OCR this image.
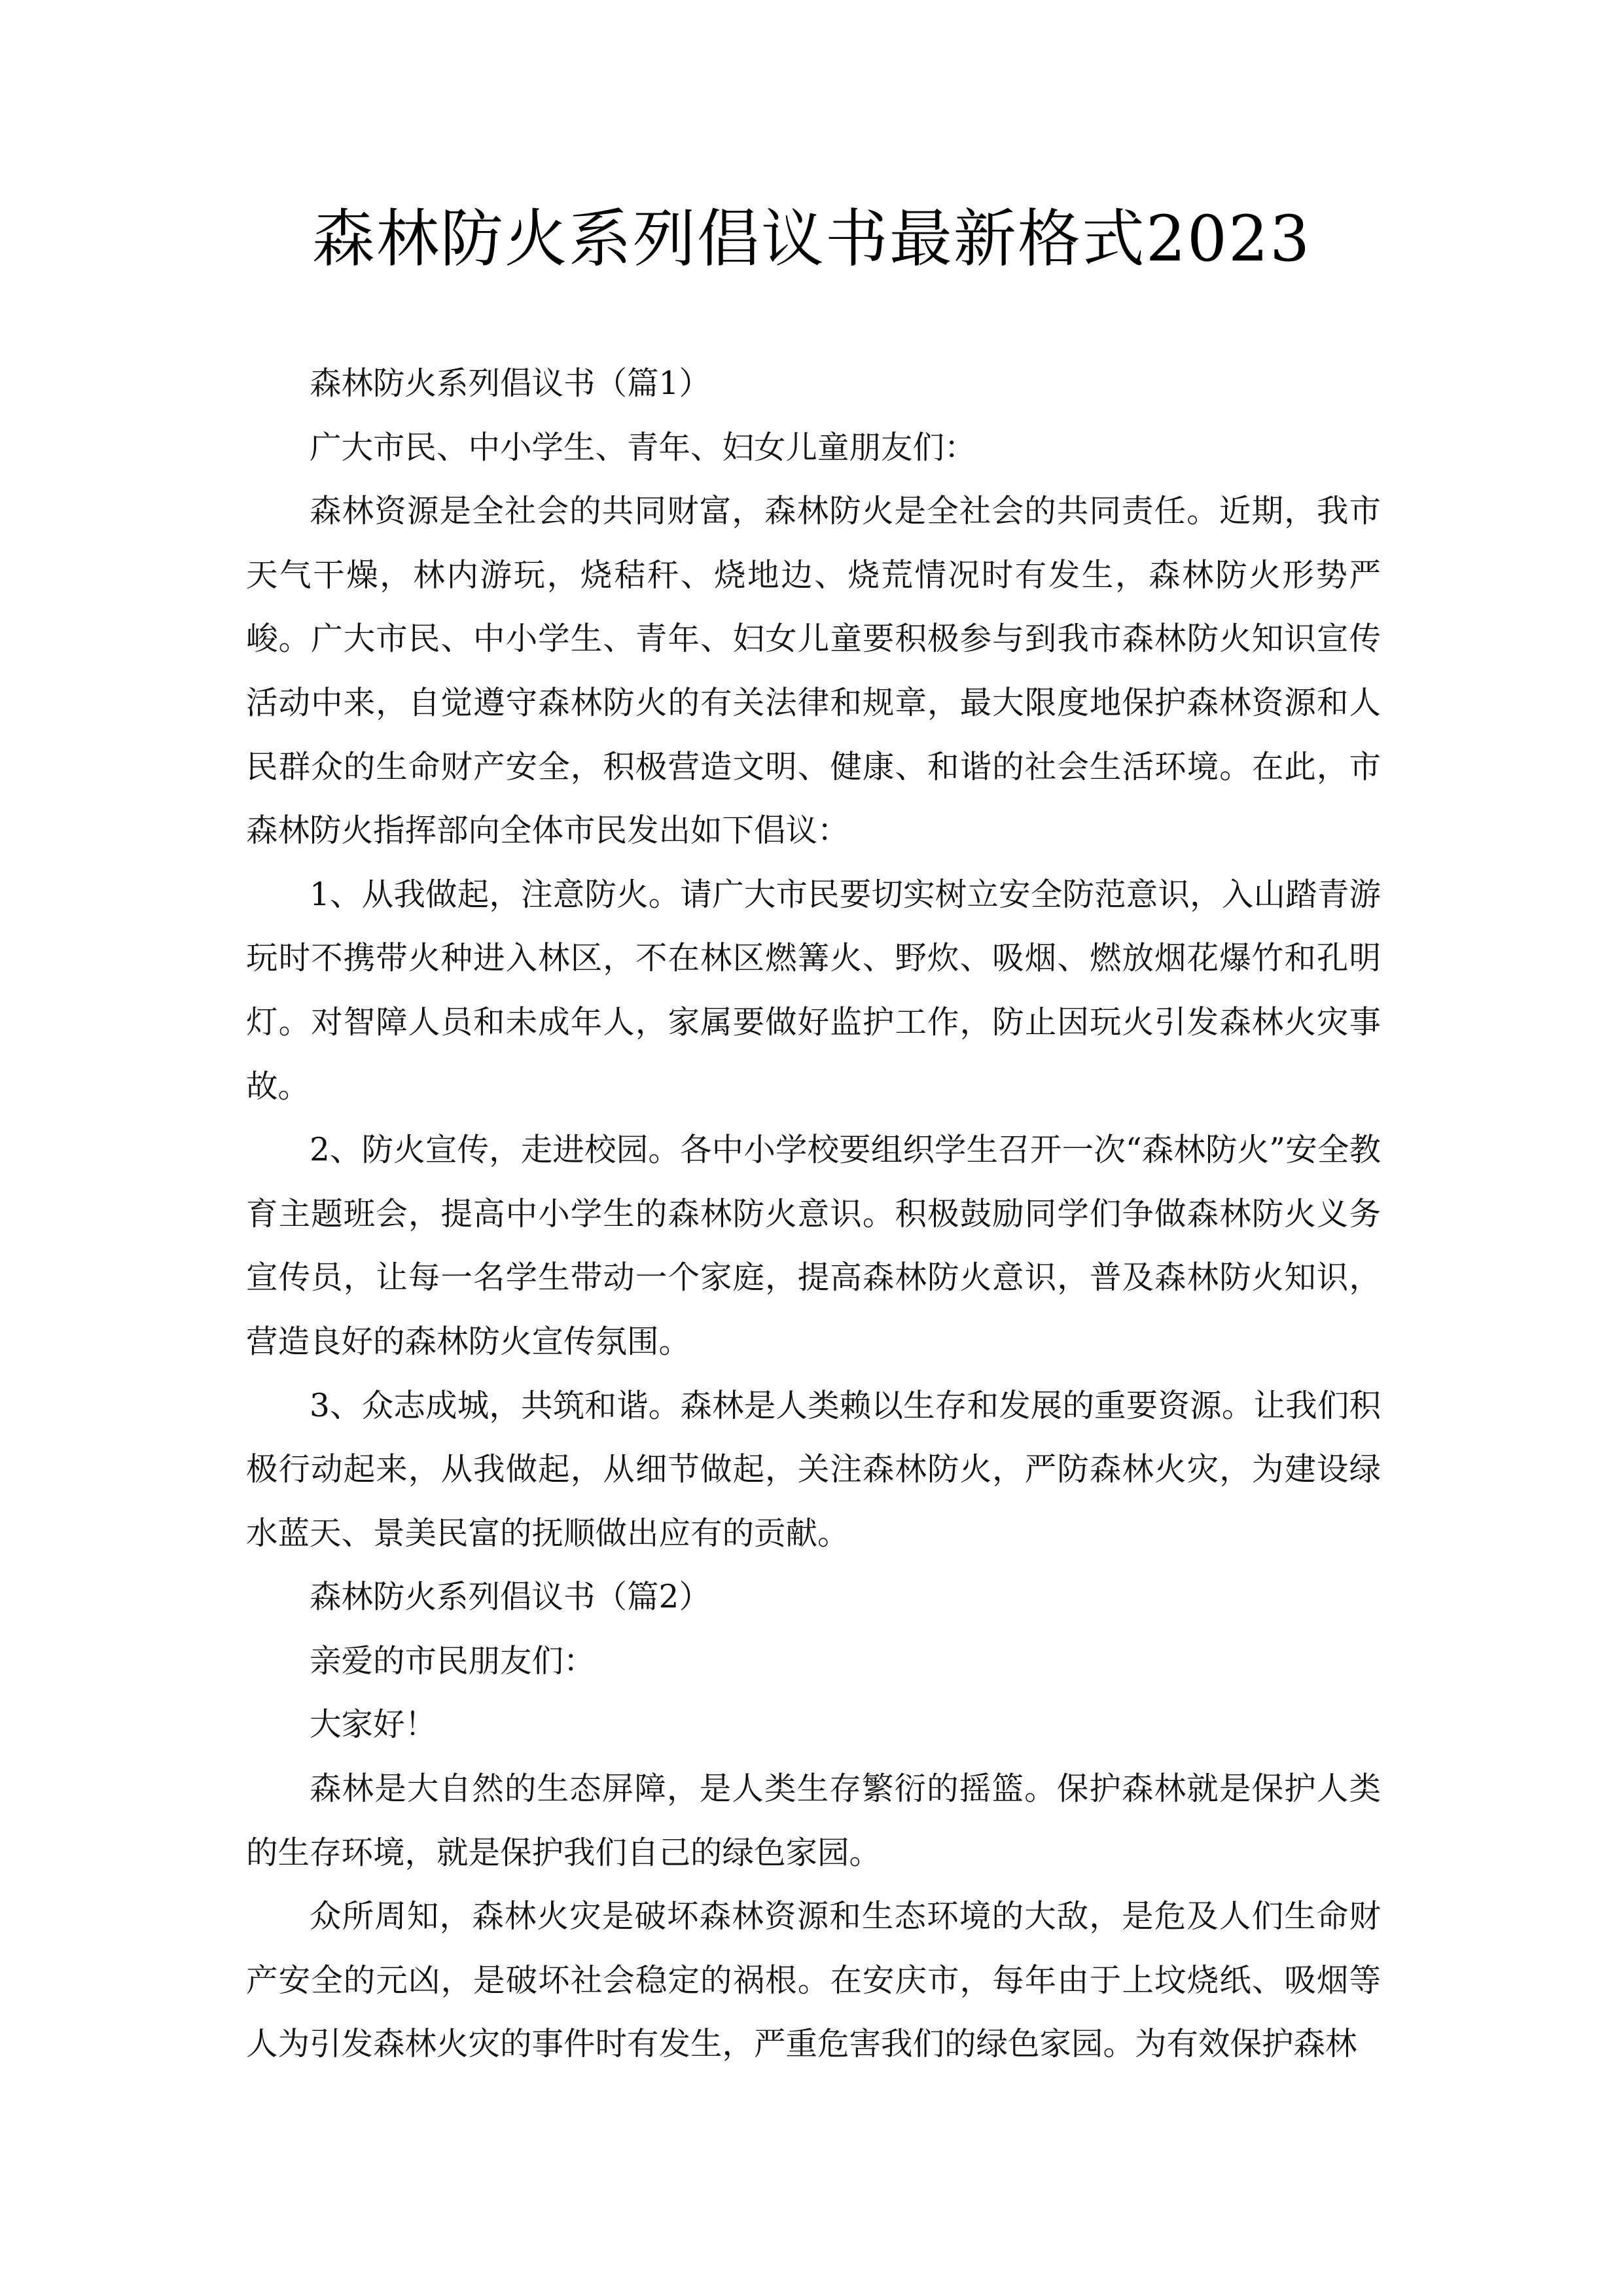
森林防火系列倡议书最新格式2023

森林防火系列倡议书（篇1）

广大市民、中小学生、青年、妇女儿童朋友们：

森林资源是全社会的共同财富，森林防火是全社会的共同责任。近期，我市天气干燥，林内游玩，烧秸秆、烧地边、烧荒情况时有发生，森林防火形势严峻。广大市民、中小学生、青年、妇女儿童要积极参与到我市森林防火知识宣传活动中来，自觉遵守森林防火的有关法律和规章，最大限度地保护森林资源和人民群众的生命财产安全，积极营造文明、健康、和谐的社会生活环境。在此，市森林防火指挥部向全体市民发出如下倡议：

1、从我做起，注意防火。请广大市民要切实树立安全防范意识，入山踏青游玩时不携带火种进入林区，不在林区燃篝火、野炊、吸烟、燃放烟花爆竹和孔明灯。对智障人员和未成年人，家属要做好监护工作，防止因玩火引发森林火灾事故。

2、防火宣传，走进校园。各中小学校要组织学生召开一次“森林防火”安全教育主题班会，提高中小学生的森林防火意识。积极鼓励同学们争做森林防火义务宣传员，让每一名学生带动一个家庭，提高森林防火意识，普及森林防火知识，营造良好的森林防火宣传氛围。

3、众志成城，共筑和谐。森林是人类赖以生存和发展的重要资源。让我们积极行动起来，从我做起，从细节做起，关注森林防火，严防森林火灾，为建设绿水蓝天、景美民富的抚顺做出应有的贡献。

森林防火系列倡议书（篇2）

亲爱的市民朋友们：

大家好！

森林是大自然的生态屏障，是人类生存繁衍的摇篮。保护森林就是保护人类的生存环境，就是保护我们自己的绿色家园。

众所周知，森林火灾是破坏森林资源和生态环境的大敌，是危及人们生命财产安全的元凶，是破坏社会稳定的祸根。在安庆市，每年由于上坟烧纸、吸烟等人为引发森林火灾的事件时有发生，严重危害我们的绿色家园。为有效保护森林
